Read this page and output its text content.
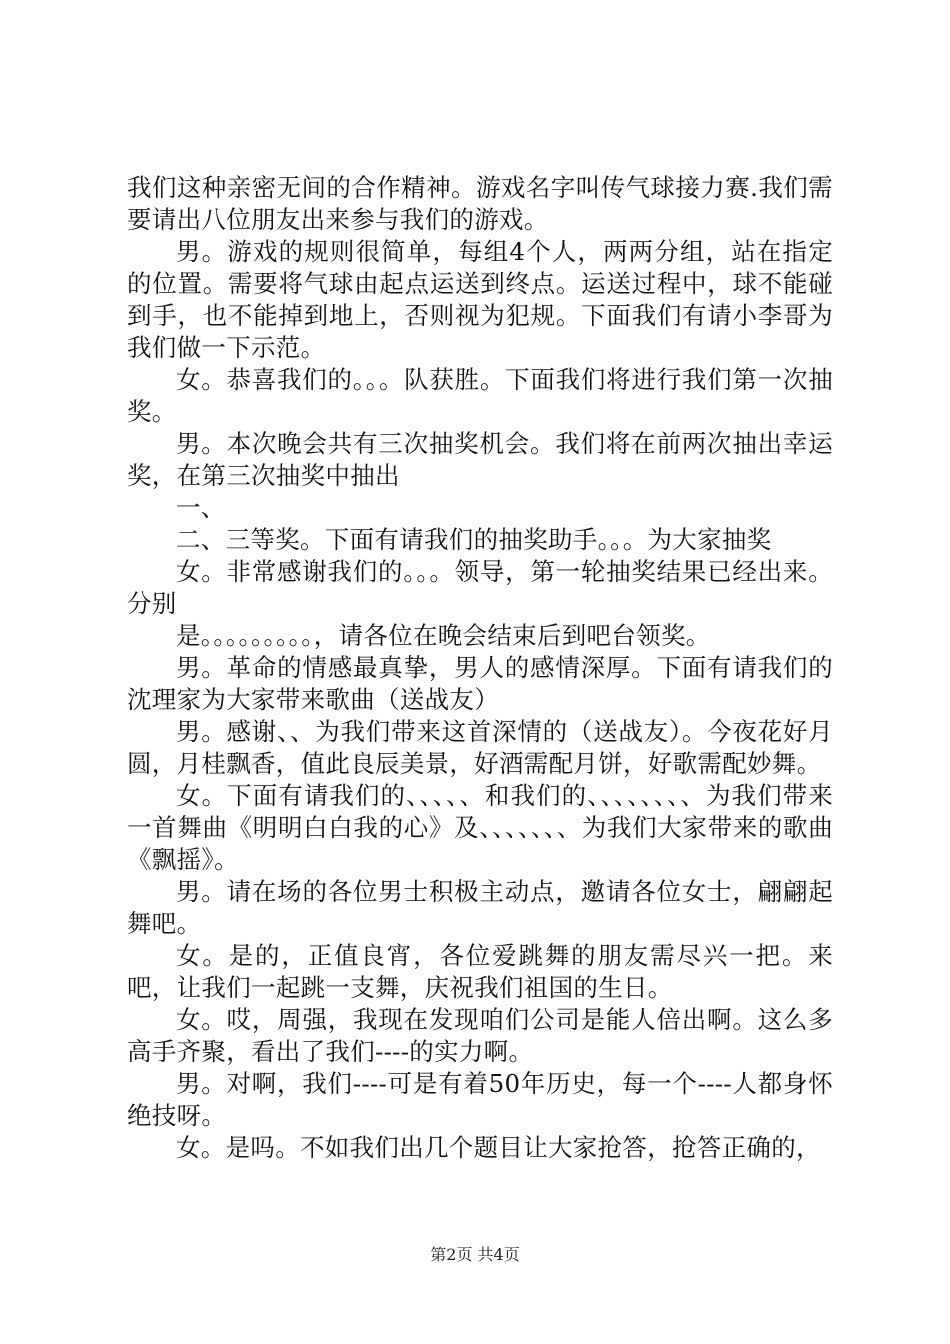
我们这种亲密无间的合作精神。游戏名字叫传气球接力赛.我们需要请出八位朋友出来参与我们的游戏。

男。游戏的规则很简单，每组4个人，两两分组，站在指定的位置。需要将气球由起点运送到终点。运送过程中，球不能碰到手，也不能掉到地上，否则视为犯规。下面我们有请小李哥为我们做一下示范。

女。恭喜我们的。。。队获胜。下面我们将进行我们第一次抽奖。

男。本次晚会共有三次抽奖机会。我们将在前两次抽出幸运奖，在第三次抽奖中抽出

一、

二、三等奖。下面有请我们的抽奖助手。。。为大家抽奖

女。非常感谢我们的。。。领导，第一轮抽奖结果已经出来。分别

是。。。。。。。。。，请各位在晚会结束后到吧台领奖。

男。革命的情感最真挚，男人的感情深厚。下面有请我们的沈理家为大家带来歌曲（送战友）

男。感谢、、为我们带来这首深情的（送战友）。今夜花好月圆，月桂飘香，值此良辰美景，好酒需配月饼，好歌需配妙舞。

女。下面有请我们的、、、、、和我们的、、、、、、、、为我们带来一首舞曲《明明白白我的心》及、、、、、、、为我们大家带来的歌曲《飘摇》。

男。请在场的各位男士积极主动点，邀请各位女士，翩翩起舞吧。

女。是的，正值良宵，各位爱跳舞的朋友需尽兴一把。来吧，让我们一起跳一支舞，庆祝我们祖国的生日。

女。哎，周强，我现在发现咱们公司是能人倍出啊。这么多高手齐聚，看出了我们----的实力啊。

男。对啊，我们----可是有着50年历史，每一个----人都身怀绝技呀。

女。是吗。不如我们出几个题目让大家抢答，抢答正确的，

第2页 共4页
